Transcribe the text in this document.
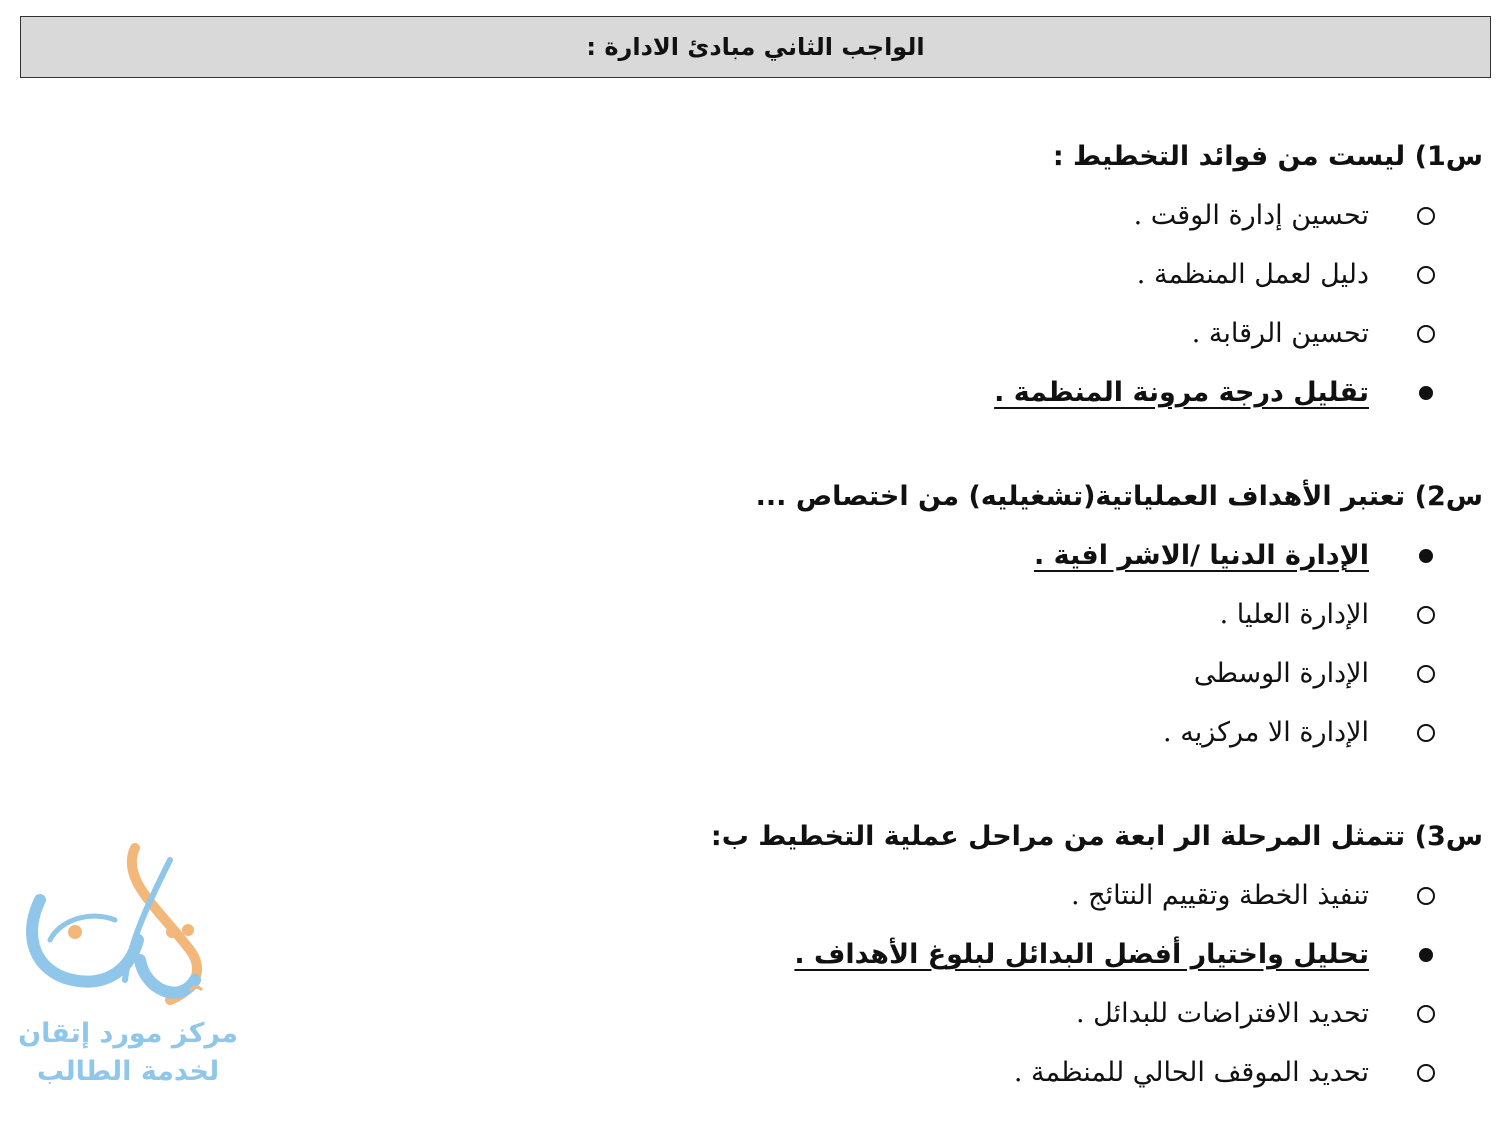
الواجب الثاني مبادئ الادارة :

س1) ليست من فوائد التخطيط :

تحسين إدارة الوقت .
دليل لعمل المنظمة .
تحسين الرقابة .
تقليل درجة مرونة المنظمة .

س2) تعتبر الأهداف العملياتية(تشغيليه) من اختصاص ...

الإدارة الدنيا /الاشر افية .
الإدارة العليا .
الإدارة الوسطى
الإدارة الا مركزيه .

س3) تتمثل المرحلة الر ابعة من مراحل عملية التخطيط ب:

تنفيذ الخطة وتقييم النتائج .
تحليل واختيار أفضل البدائل لبلوغ الأهداف .
تحديد الافتراضات للبدائل .
تحديد الموقف الحالي للمنظمة .
مركز مورد إتقان
لخدمة الطالب
